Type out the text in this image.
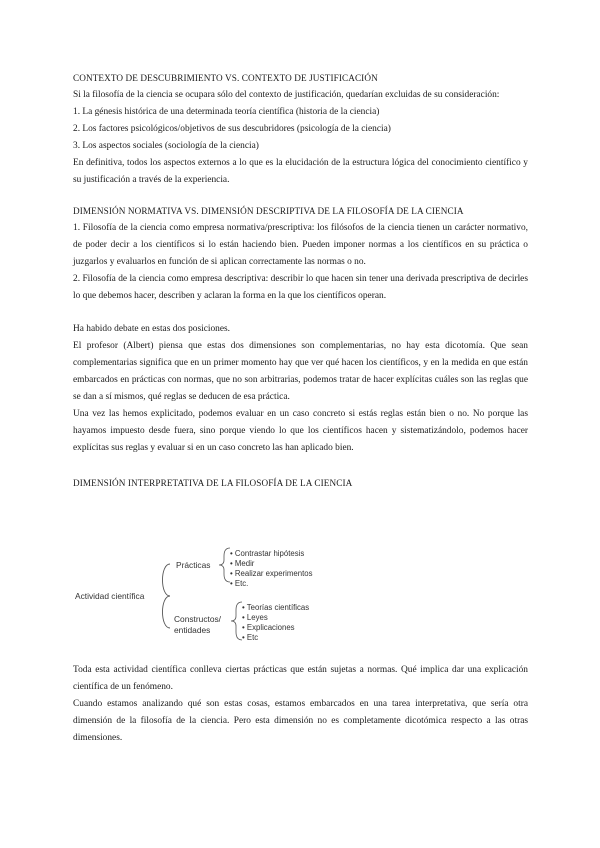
CONTEXTO DE DESCUBRIMIENTO VS. CONTEXTO DE JUSTIFICACIÓN

Si la filosofía de la ciencia se ocupara sólo del contexto de justificación, quedarían excluidas de su consideración:

1. La génesis histórica de una determinada teoría científica (historia de la ciencia)

2. Los factores psicológicos/objetivos de sus descubridores (psicología de la ciencia)

3. Los aspectos sociales (sociología de la ciencia)

En definitiva, todos los aspectos externos a lo que es la elucidación de la estructura lógica del conocimiento científico y su justificación a través de la experiencia.

DIMENSIÓN NORMATIVA VS. DIMENSIÓN DESCRIPTIVA DE LA FILOSOFÍA DE LA CIENCIA

1. Filosofía de la ciencia como empresa normativa/prescriptiva: los filósofos de la ciencia tienen un carácter normativo, de poder decir a los científicos si lo están haciendo bien. Pueden imponer normas a los científicos en su práctica o juzgarlos y evaluarlos en función de si aplican correctamente las normas o no.

2. Filosofía de la ciencia como empresa descriptiva: describir lo que hacen sin tener una derivada prescriptiva de decirles lo que debemos hacer, describen y aclaran la forma en la que los científicos operan.

Ha habido debate en estas dos posiciones.

El profesor (Albert) piensa que estas dos dimensiones son complementarias, no hay esta dicotomía. Que sean complementarias significa que en un primer momento hay que ver qué hacen los científicos, y en la medida en que están embarcados en prácticas con normas, que no son arbitrarias, podemos tratar de hacer explícitas cuáles son las reglas que se dan a sí mismos, qué reglas se deducen de esa práctica.

Una vez las hemos explicitado, podemos evaluar en un caso concreto si estás reglas están bien o no. No porque las hayamos impuesto desde fuera, sino porque viendo lo que los científicos hacen y sistematizándolo, podemos hacer explícitas sus reglas y evaluar si en un caso concreto las han aplicado bien.

DIMENSIÓN INTERPRETATIVA DE LA FILOSOFÍA DE LA CIENCIA
Actividad científica
Prácticas
Constructos/
entidades
• Contrastar hipótesis
• Medir
• Realizar experimentos
• Etc.
• Teorías científicas
• Leyes
• Explicaciones
• Etc

Toda esta actividad científica conlleva ciertas prácticas que están sujetas a normas. Qué implica dar una explicación científica de un fenómeno.

Cuando estamos analizando qué son estas cosas, estamos embarcados en una tarea interpretativa, que sería otra dimensión de la filosofía de la ciencia. Pero esta dimensión no es completamente dicotómica respecto a las otras dimensiones.
